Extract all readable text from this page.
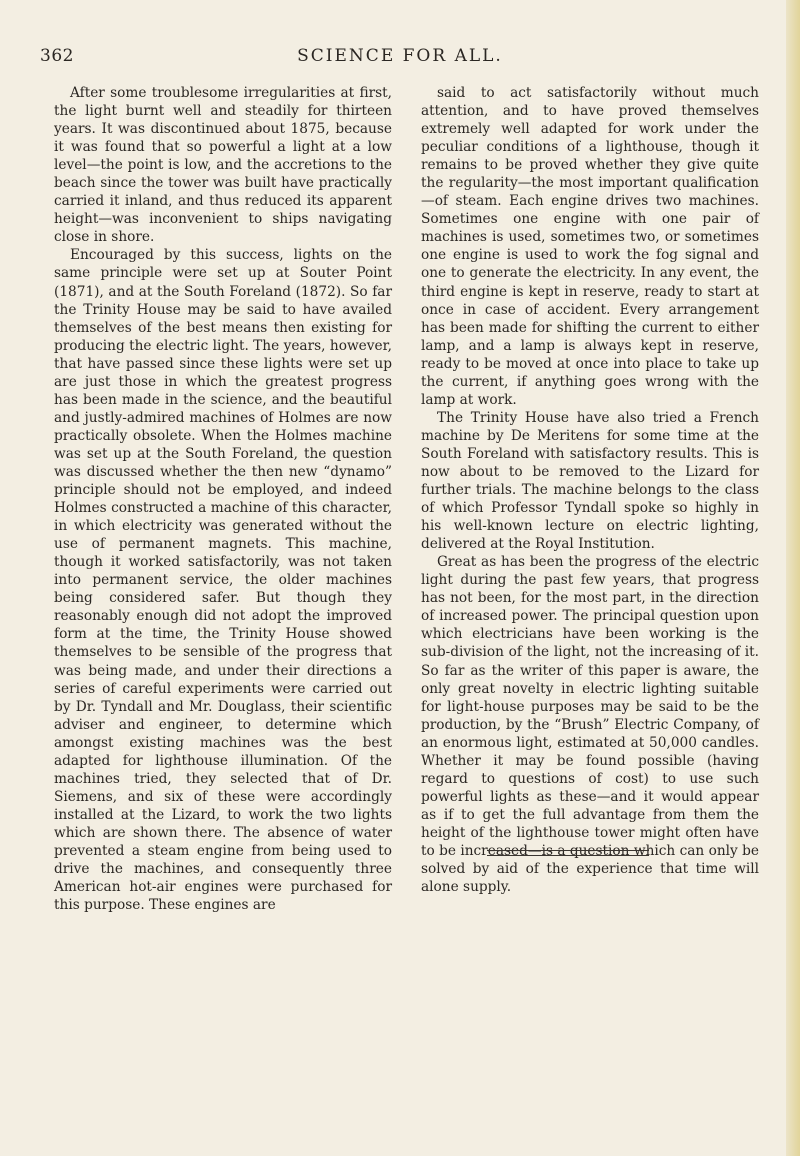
362	SCIENCE FOR ALL.

After some troublesome irregularities at first, the light burnt well and steadily for thirteen years. It was discontinued about 1875, because it was found that so powerful a light at a low level—the point is low, and the accretions to the beach since the tower was built have practically carried it inland, and thus reduced its apparent height—was inconvenient to ships navigating close in shore.

Encouraged by this success, lights on the same principle were set up at Souter Point (1871), and at the South Foreland (1872). So far the Trinity House may be said to have availed themselves of the best means then existing for producing the electric light. The years, however, that have passed since these lights were set up are just those in which the greatest progress has been made in the science, and the beautiful and justly-admired machines of Holmes are now practically obsolete. When the Holmes machine was set up at the South Foreland, the question was discussed whether the then new “dynamo” principle should not be employed, and indeed Holmes constructed a machine of this character, in which electricity was generated without the use of permanent magnets. This machine, though it worked satisfactorily, was not taken into permanent service, the older machines being considered safer. But though they reasonably enough did not adopt the improved form at the time, the Trinity House showed themselves to be sensible of the progress that was being made, and under their directions a series of careful experiments were carried out by Dr. Tyndall and Mr. Douglass, their scientific adviser and engineer, to determine which amongst existing machines was the best adapted for lighthouse illumination. Of the machines tried, they selected that of Dr. Siemens, and six of these were accordingly installed at the Lizard, to work the two lights which are shown there. The absence of water prevented a steam engine from being used to drive the machines, and consequently three American hot-air engines were purchased for this purpose. These engines are

said to act satisfactorily without much attention, and to have proved themselves extremely well adapted for work under the peculiar conditions of a lighthouse, though it remains to be proved whether they give quite the regularity—the most important qualification—of steam. Each engine drives two machines. Sometimes one engine with one pair of machines is used, sometimes two, or sometimes one engine is used to work the fog signal and one to generate the electricity. In any event, the third engine is kept in reserve, ready to start at once in case of accident. Every arrangement has been made for shifting the current to either lamp, and a lamp is always kept in reserve, ready to be moved at once into place to take up the current, if anything goes wrong with the lamp at work.

The Trinity House have also tried a French machine by De Meritens for some time at the South Foreland with satisfactory results. This is now about to be removed to the Lizard for further trials. The machine belongs to the class of which Professor Tyndall spoke so highly in his well-known lecture on electric lighting, delivered at the Royal Institution.

Great as has been the progress of the electric light during the past few years, that progress has not been, for the most part, in the direction of increased power. The principal question upon which electricians have been working is the sub-division of the light, not the increasing of it. So far as the writer of this paper is aware, the only great novelty in electric lighting suitable for light-house purposes may be said to be the production, by the “Brush” Electric Company, of an enormous light, estimated at 50,000 candles. Whether it may be found possible (having regard to questions of cost) to use such powerful lights as these—and it would appear as if to get the full advantage from them the height of the lighthouse tower might often have to be increased—is a question which can only be solved by aid of the experience that time will alone supply.
